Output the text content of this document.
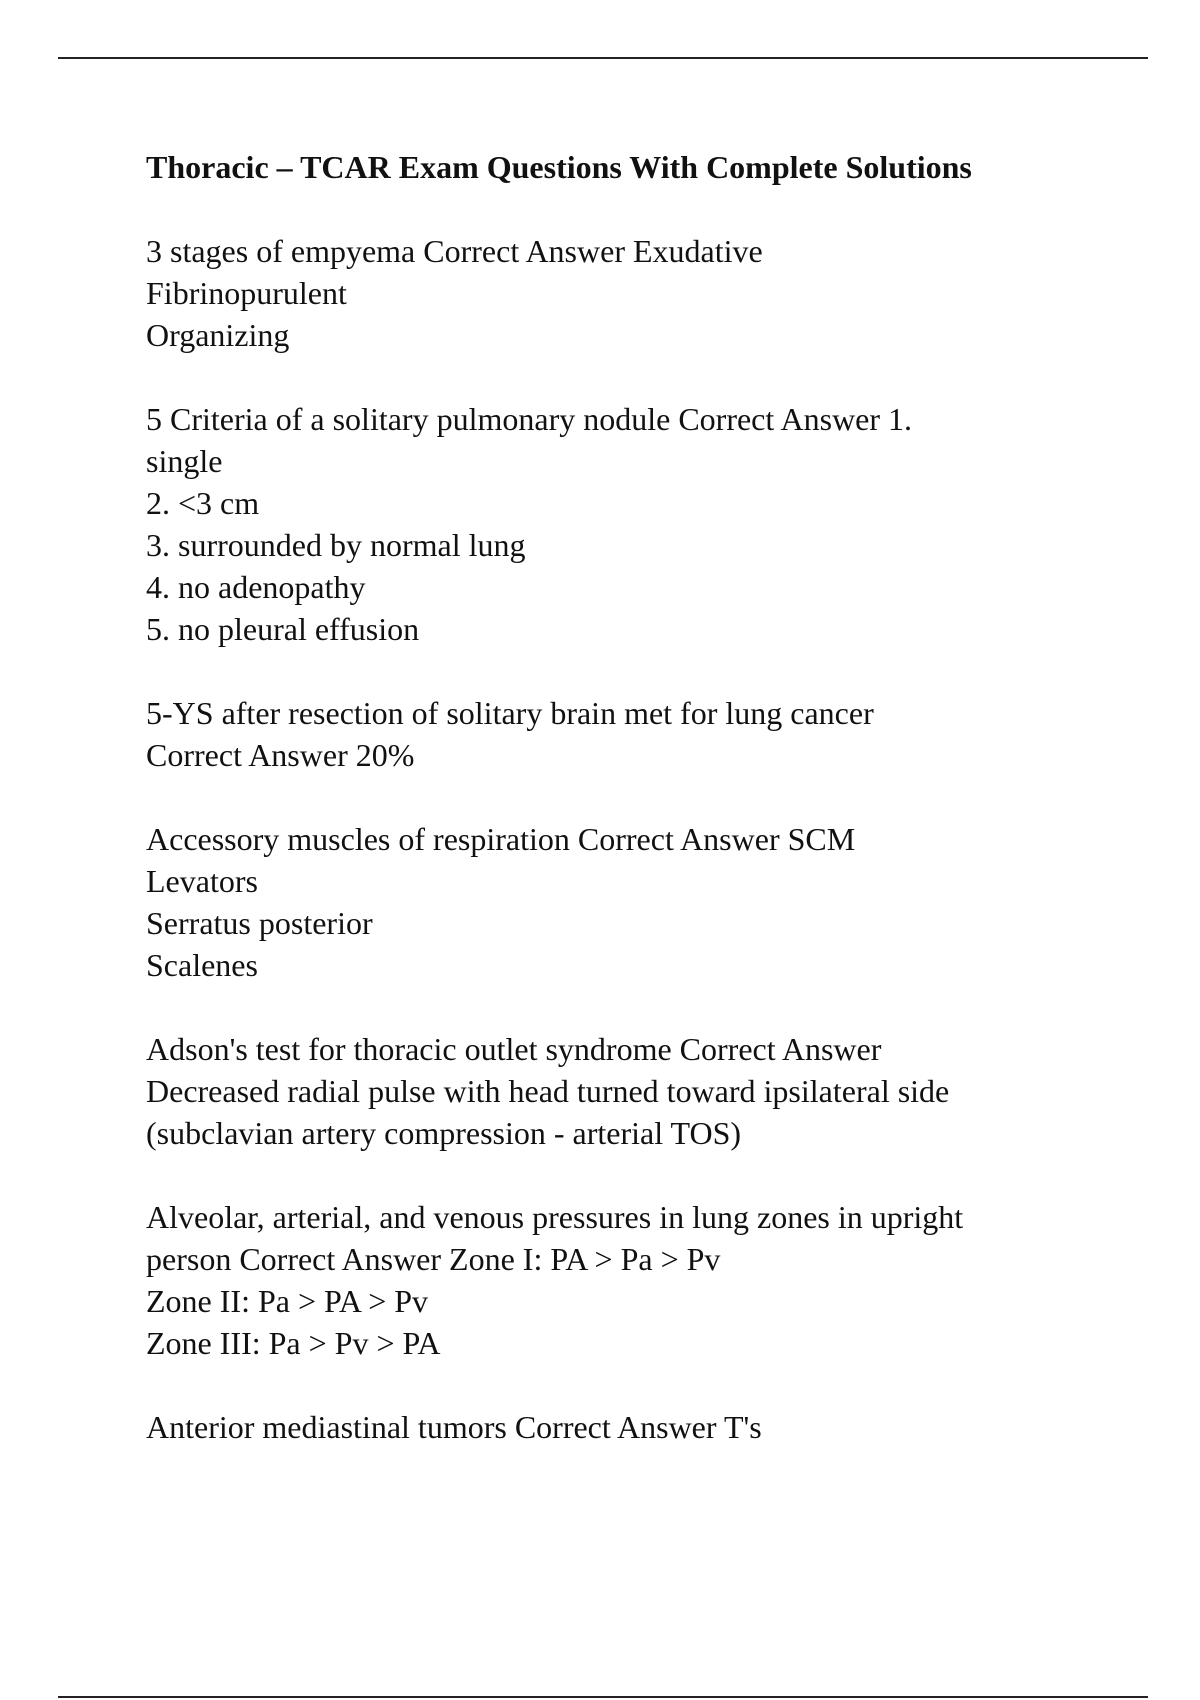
Thoracic – TCAR Exam Questions With Complete Solutions
3 stages of empyema Correct Answer Exudative
Fibrinopurulent
Organizing
5 Criteria of a solitary pulmonary nodule Correct Answer 1.
single
2. <3 cm
3. surrounded by normal lung
4. no adenopathy
5. no pleural effusion
5-YS after resection of solitary brain met for lung cancer
Correct Answer 20%
Accessory muscles of respiration Correct Answer SCM
Levators
Serratus posterior
Scalenes
Adson's test for thoracic outlet syndrome Correct Answer
Decreased radial pulse with head turned toward ipsilateral side
(subclavian artery compression - arterial TOS)
Alveolar, arterial, and venous pressures in lung zones in upright
person Correct Answer Zone I: PA > Pa > Pv
Zone II: Pa > PA > Pv
Zone III: Pa > Pv > PA
Anterior mediastinal tumors Correct Answer T's
